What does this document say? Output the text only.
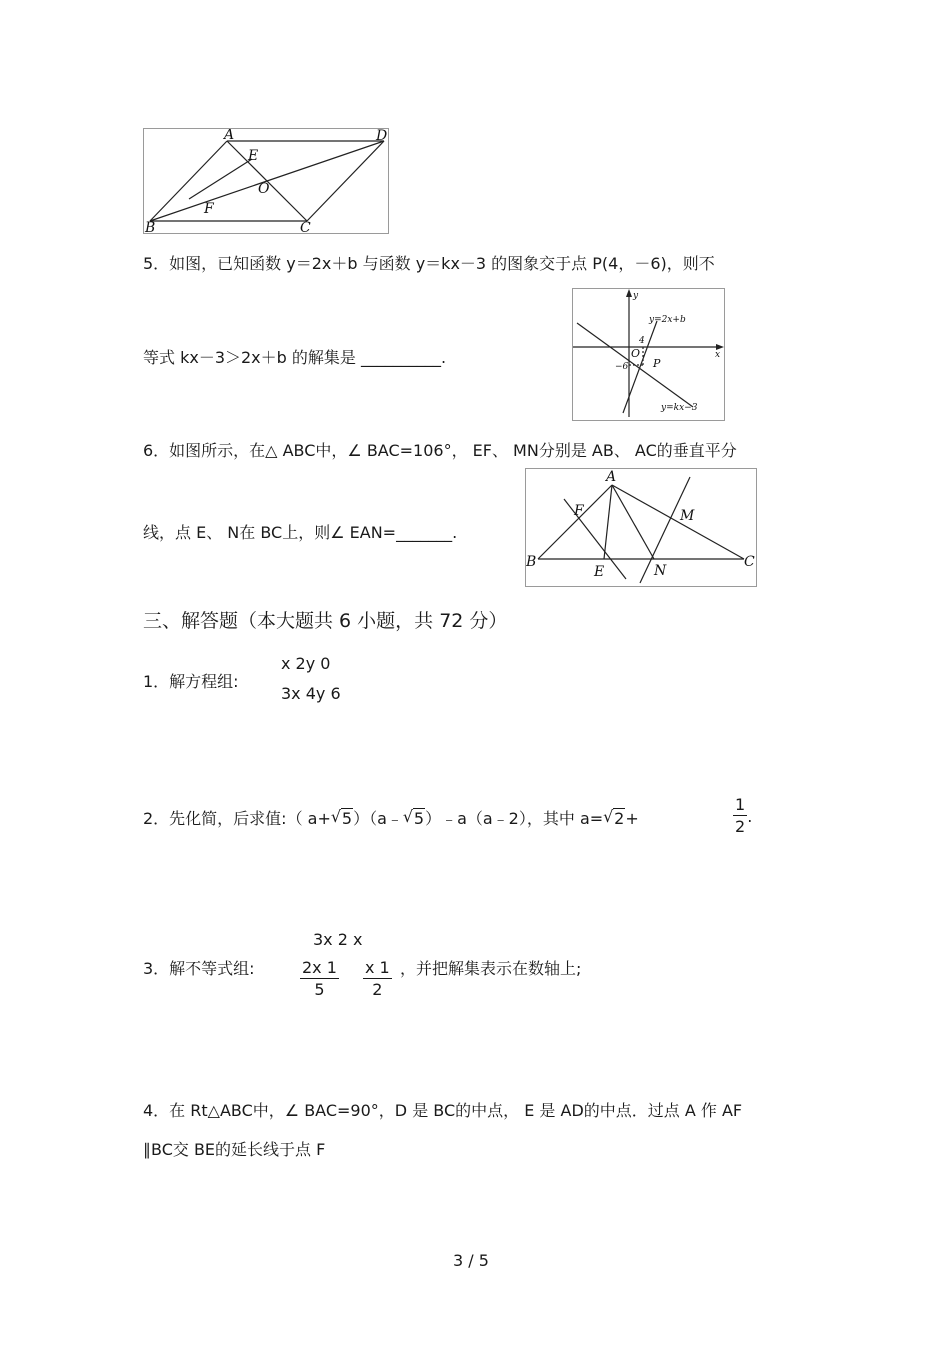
A	D
E
O
F
B	C
5．如图，已知函数 y＝2x＋b 与函数 y＝kx－3 的图象交于点 P(4，－6)，则不
等式 kx－3＞2x＋b 的解集是 __________.
y
x
y=2x+b
y=kx−3
4
−6
O
P
6．如图所示，在△ ABC中，∠ BAC=106°， EF、 MN分别是 AB、 AC的垂直平分
线，点 E、 N在 BC上，则∠ EAN=_______.
A
F	M
B
E	N
C
三、解答题（本大题共 6 小题，共 72 分）
1．解方程组:
x 2y 0
3x 4y 6
2．先化简，后求值:（ a+ √ 5）（a﹣ √ 5）﹣a（a﹣2），其中 a= √ 2+	$\frac{1}{2}$ .
3．解不等式组:
3x 2 x
$\frac{2x 1}{5} \frac{x 1}{2}$ ，并把解集表示在数轴上;
4．在 Rt△ABC中，∠ BAC=90°，D 是 BC的中点， E 是 AD的中点．过点 A 作 AF
∥BC交 BE的延长线于点 F
3 / 5
